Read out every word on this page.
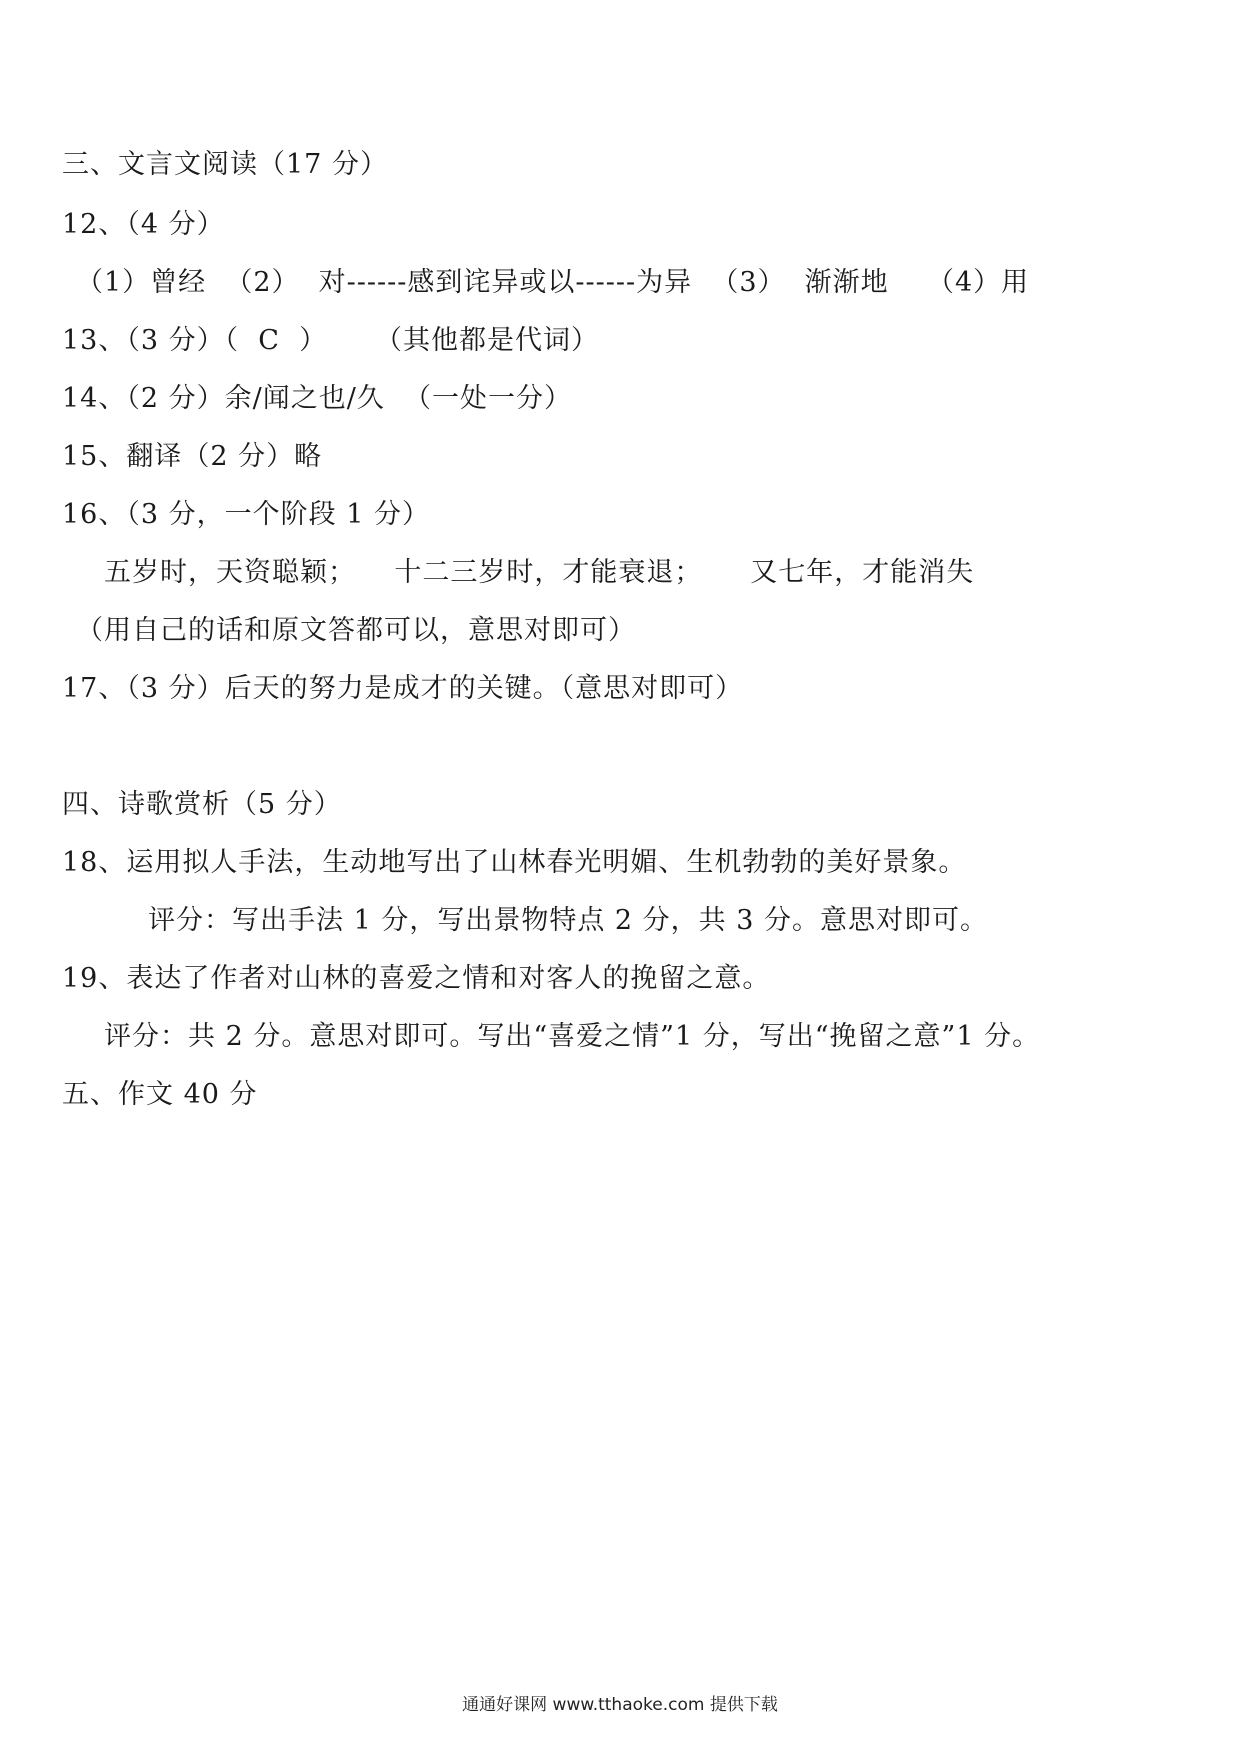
三、文言文阅读（17 分）
12、（4 分）
（1）曾经  （2）  对------感到诧异或以------为异  （3）  渐渐地    （4）用
13、（3 分）（  C  ）     （其他都是代词）
14、（2 分）余/闻之也/久  （一处一分）
15、翻译（2 分）略
16、（3 分，一个阶段 1 分）
五岁时，天资聪颖；    十二三岁时，才能衰退；     又七年，才能消失
（用自己的话和原文答都可以，意思对即可）
17、（3 分）后天的努力是成才的关键。（意思对即可）
四、诗歌赏析（5 分）
18、运用拟人手法，生动地写出了山林春光明媚、生机勃勃的美好景象。
评分：写出手法 1 分，写出景物特点 2 分，共 3 分。意思对即可。
19、表达了作者对山林的喜爱之情和对客人的挽留之意。
评分：共 2 分。意思对即可。写出“喜爱之情”1 分，写出“挽留之意”1 分。
五、作文 40 分
通通好课网 www.tthaoke.com 提供下载
